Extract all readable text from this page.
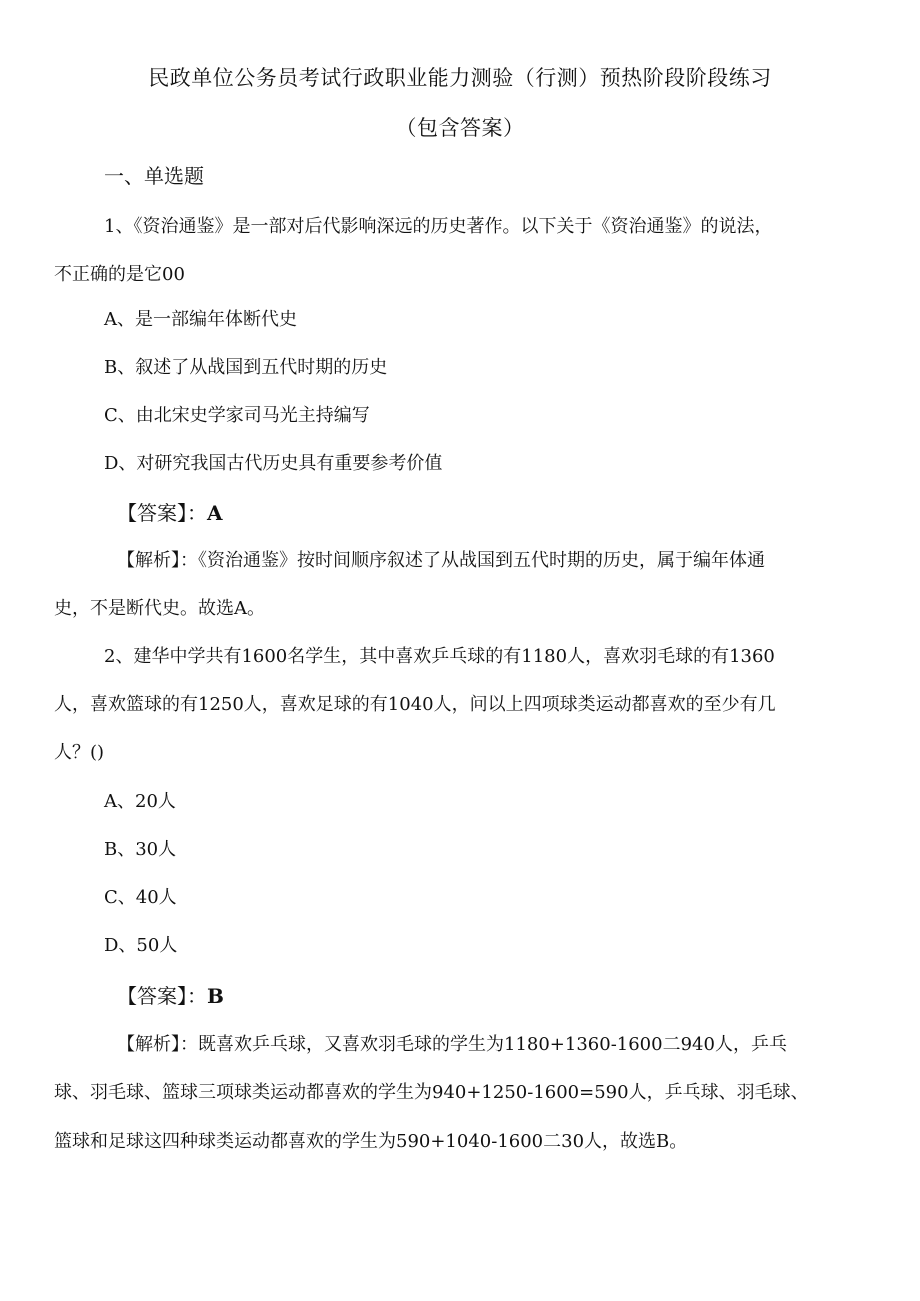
民政单位公务员考试行政职业能力测验（行测）预热阶段阶段练习
（包含答案）
一、单选题
1、《资治通鉴》是一部对后代影响深远的历史著作。以下关于《资治通鉴》的说法，
不正确的是它00
A、是一部编年体断代史
B、叙述了从战国到五代时期的历史
C、由北宋史学家司马光主持编写
D、对研究我国古代历史具有重要参考价值
【答案】：A
【解析】：《资治通鉴》按时间顺序叙述了从战国到五代时期的历史，属于编年体通
史，不是断代史。故选A。
2、建华中学共有1600名学生，其中喜欢乒乓球的有1180人，喜欢羽毛球的有1360
人，喜欢篮球的有1250人，喜欢足球的有1040人，问以上四项球类运动都喜欢的至少有几
人？()
A、20人
B、30人
C、40人
D、50人
【答案】：B
【解析】：既喜欢乒乓球，又喜欢羽毛球的学生为1180+1360-1600二940人，乒乓
球、羽毛球、篮球三项球类运动都喜欢的学生为940+1250-1600=590人，乒乓球、羽毛球、
篮球和足球这四种球类运动都喜欢的学生为590+1040-1600二30人，故选B。
